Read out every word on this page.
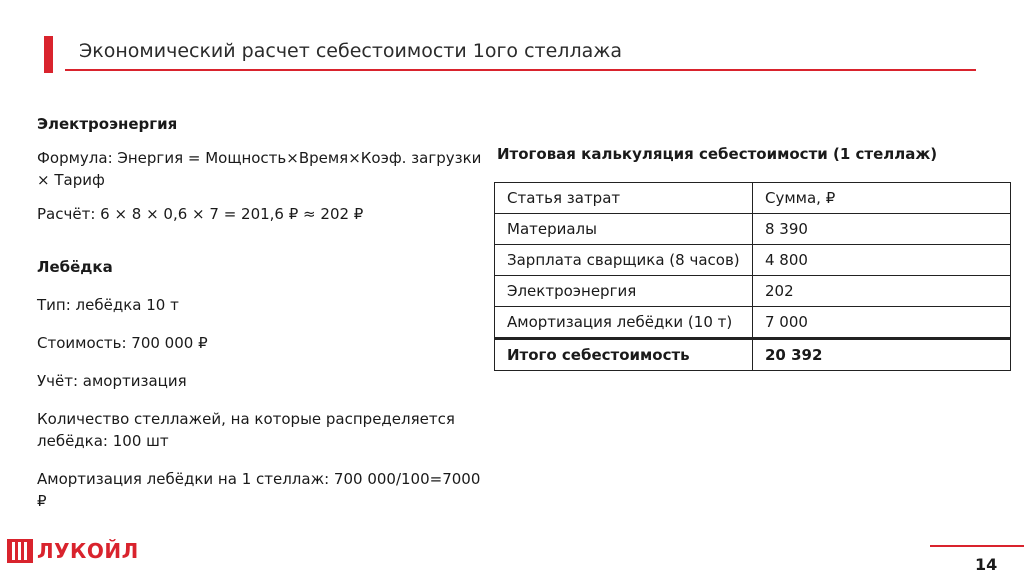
Экономический расчет себестоимости 1ого стеллажа

Электроэнергия

Формула: Энергия = Мощность×Время×Коэф. загрузки × Тариф

Расчёт: 6 × 8 × 0,6 × 7 = 201,6 ₽ ≈ 202 ₽

Лебёдка

Тип: лебёдка 10 т

Стоимость: 700 000 ₽

Учёт: амортизация

Количество стеллажей, на которые распределяется лебёдка: 100 шт

Амортизация лебёдки на 1 стеллаж: 700 000/100=7000 ₽

Итоговая калькуляция себестоимости (1 стеллаж)
Статья затрат	Сумма, ₽
Материалы	8 390
Зарплата сварщика (8 часов)	4 800
Электроэнергия	202
Амортизация лебёдки (10 т)	7 000
Итого себестоимость	20 392
ЛУКОЙЛ
14
